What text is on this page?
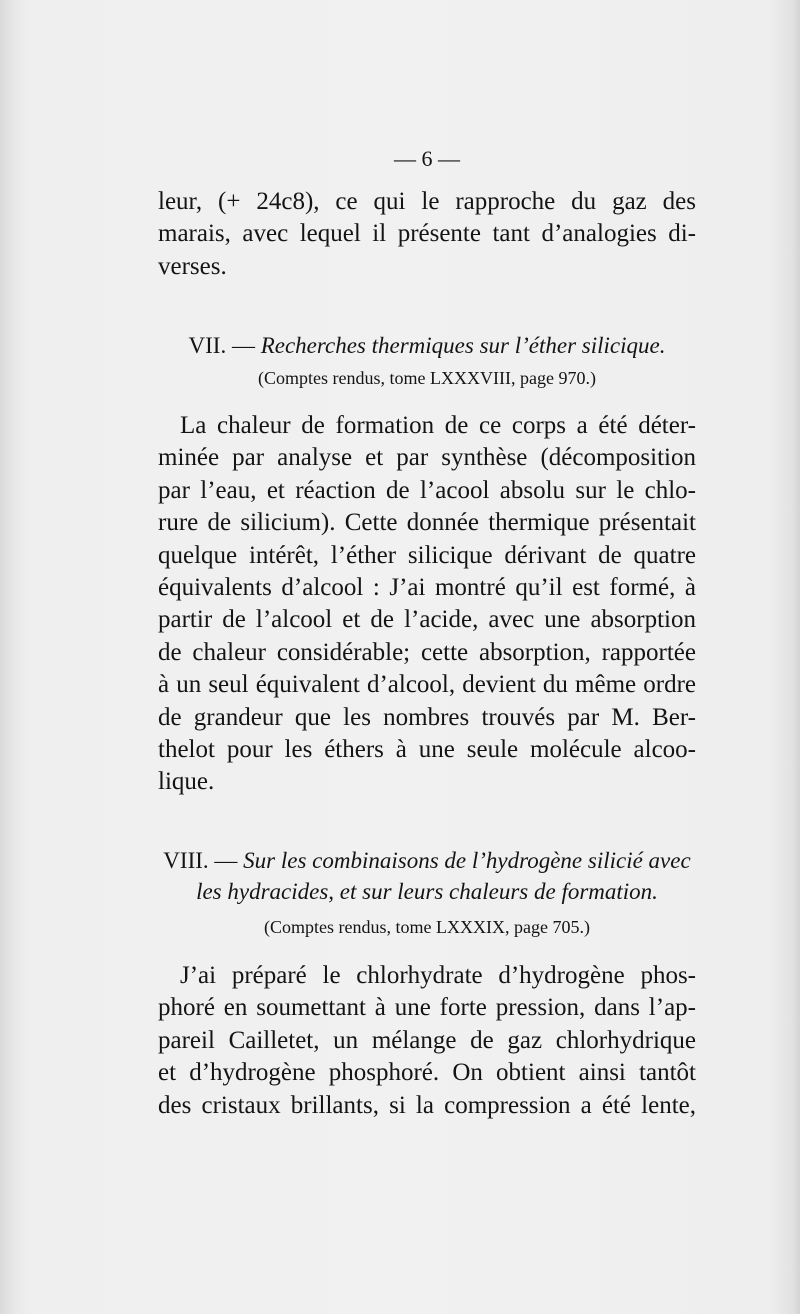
— 6 —
leur, (+ 24c8), ce qui le rapproche du gaz des
marais, avec lequel il présente tant d’analogies di-
verses.
VII. — Recherches thermiques sur l’éther silicique.
(Comptes rendus, tome LXXXVIII, page 970.)
La chaleur de formation de ce corps a été déter-
minée par analyse et par synthèse (décomposition
par l’eau, et réaction de l’acool absolu sur le chlo-
rure de silicium). Cette donnée thermique présentait
quelque intérêt, l’éther silicique dérivant de quatre
équivalents d’alcool : J’ai montré qu’il est formé, à
partir de l’alcool et de l’acide, avec une absorption
de chaleur considérable; cette absorption, rapportée
à un seul équivalent d’alcool, devient du même ordre
de grandeur que les nombres trouvés par M. Ber-
thelot pour les éthers à une seule molécule alcoo-
lique.
VIII. — Sur les combinaisons de l’hydrogène silicié avec
les hydracides, et sur leurs chaleurs de formation.
(Comptes rendus, tome LXXXIX, page 705.)
J’ai préparé le chlorhydrate d’hydrogène phos-
phoré en soumettant à une forte pression, dans l’ap-
pareil Cailletet, un mélange de gaz chlorhydrique
et d’hydrogène phosphoré. On obtient ainsi tantôt
des cristaux brillants, si la compression a été lente,
